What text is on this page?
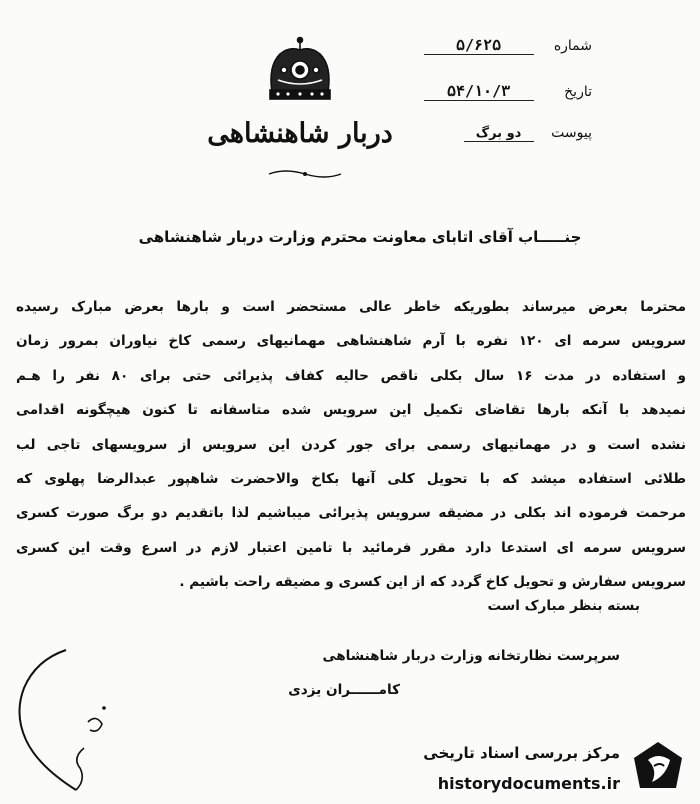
دربار شاهنشاهی
شماره ۵/۶۲۵
تاریخ ۵۴/۱۰/۳
پیوست دو برگ
جنـــــاب آقای اتابای معاونت محترم وزارت دربار شاهنشاهی
محترما بعرض میرساند بطوریکه خاطر عالی مستحضر است و بارها بعرض مبارک رسیده
سرویس سرمه ای ۱۲۰ نفره با آرم شاهنشاهی مهمانیهای رسمی کاخ نیاوران بمرور زمان
و استفاده در مدت ۱۶ سال بکلی ناقص حالیه کفاف پذیرائی حتی برای ۸۰ نفر را هـم
نمیدهد با آنکه بارها تقاضای تکمیل این سرویس شده متاسفانه تا کنون هیچگونه اقدامی
نشده است و در مهمانیهای رسمی برای جور کردن این سرویس از سرویسهای تاجی لب
طلائی استفاده میشد که با تحویل کلی آنها بکاخ والاحضرت شاهپور عبدالرضا پهلوی که
مرحمت فرموده اند بکلی در مضیقه سرویس پذیرائی میباشیم لذا باتقدیم دو برگ صورت کسری
سرویس سرمه ای استدعا دارد مقرر فرمائید با تامین اعتبار لازم در اسرع وقت این کسری
سرویس سفارش و تحویل کاخ گردد که از این کسری و مضیقه راحت باشیم .
بسته بنظر مبارک است
سرپرست نظارتخانه وزارت دربار شاهنشاهی
کامــــــران یزدی
مرکز بررسی اسناد تاریخی
historydocuments.ir
